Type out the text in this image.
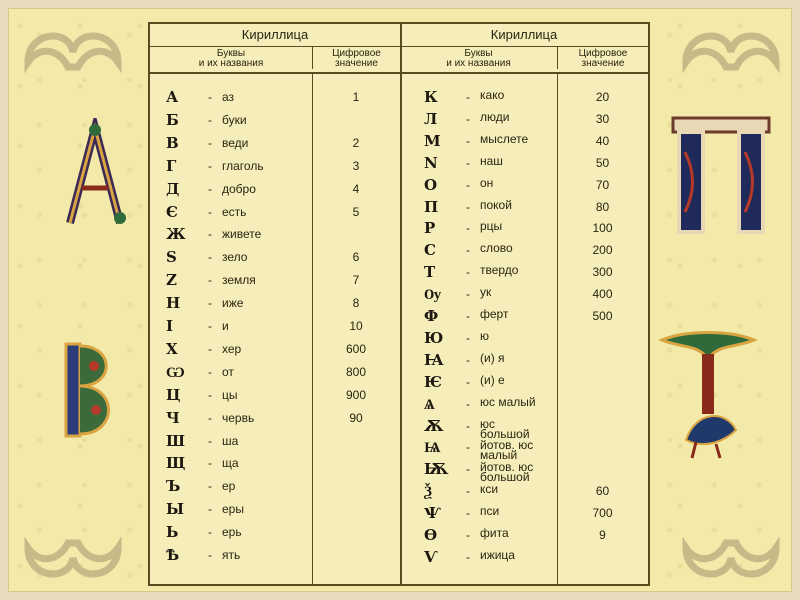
Кириллица
Буквы
и их названия
Цифровое
значение
А	- аз	1
Б	- буки
В	- веди	2
Г	- глаголь	3
Д	- добро	4
Є	- есть	5
Ж	- живете
Ѕ	- зело	6
Z	- земля	7
Н	- иже	8
І	- и	10
Х	- хер	600
Ѡ	- от	800
Ц	- цы	900
Ч	- червь	90
Ш	- ша
Щ	- ща
Ъ	- ер
Ы	- еры
Ь	- ерь
Ѣ	- ять
Кириллица
Буквы
и их названия
Цифровое
значение
К	- како	20
Л	- люди	30
М	- мыслете	40
N	- наш	50
О	- он	70
П	- покой	80
Р	- рцы	100
С	- слово	200
Т	- твердо	300
Ѹ	- ук	400
Ф	- ферт	500
Ю	- ю
Ꙗ	- (и) я
Ѥ	- (и) е
Ѧ	- юс малый
Ѫ	- юс
большой
Ѩ	- йотов. юс
малый
Ѭ	- йотов. юс
большой
Ѯ	- кси	60
Ѱ	- пси	700
Ѳ	- фита	9
Ѵ	- ижица
